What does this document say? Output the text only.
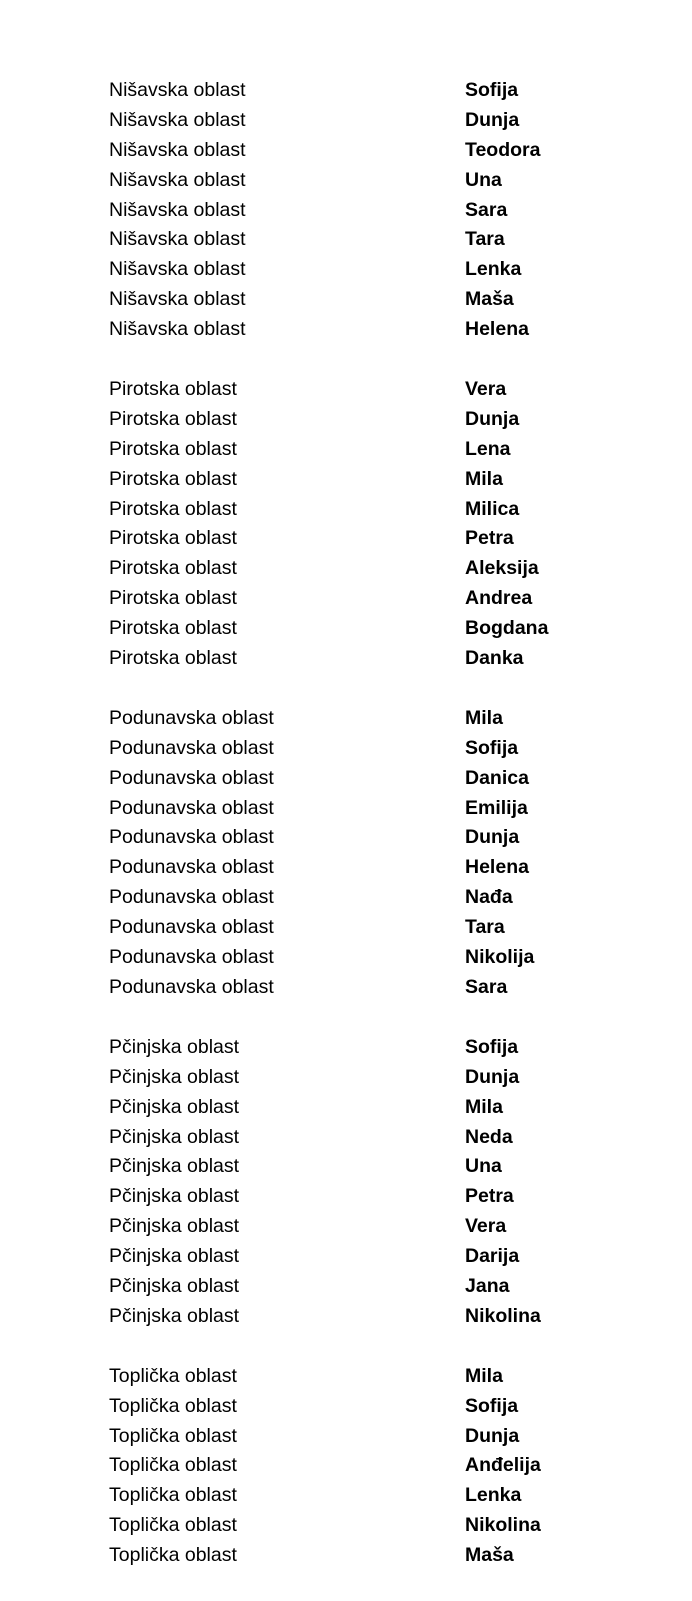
Nišavska oblast	Sofija
Nišavska oblast	Dunja
Nišavska oblast	Teodora
Nišavska oblast	Una
Nišavska oblast	Sara
Nišavska oblast	Tara
Nišavska oblast	Lenka
Nišavska oblast	Maša
Nišavska oblast	Helena
Pirotska oblast	Vera
Pirotska oblast	Dunja
Pirotska oblast	Lena
Pirotska oblast	Mila
Pirotska oblast	Milica
Pirotska oblast	Petra
Pirotska oblast	Aleksija
Pirotska oblast	Andrea
Pirotska oblast	Bogdana
Pirotska oblast	Danka
Podunavska oblast	Mila
Podunavska oblast	Sofija
Podunavska oblast	Danica
Podunavska oblast	Emilija
Podunavska oblast	Dunja
Podunavska oblast	Helena
Podunavska oblast	Nađa
Podunavska oblast	Tara
Podunavska oblast	Nikolija
Podunavska oblast	Sara
Pčinjska oblast	Sofija
Pčinjska oblast	Dunja
Pčinjska oblast	Mila
Pčinjska oblast	Neda
Pčinjska oblast	Una
Pčinjska oblast	Petra
Pčinjska oblast	Vera
Pčinjska oblast	Darija
Pčinjska oblast	Jana
Pčinjska oblast	Nikolina
Toplička oblast	Mila
Toplička oblast	Sofija
Toplička oblast	Dunja
Toplička oblast	Anđelija
Toplička oblast	Lenka
Toplička oblast	Nikolina
Toplička oblast	Maša
